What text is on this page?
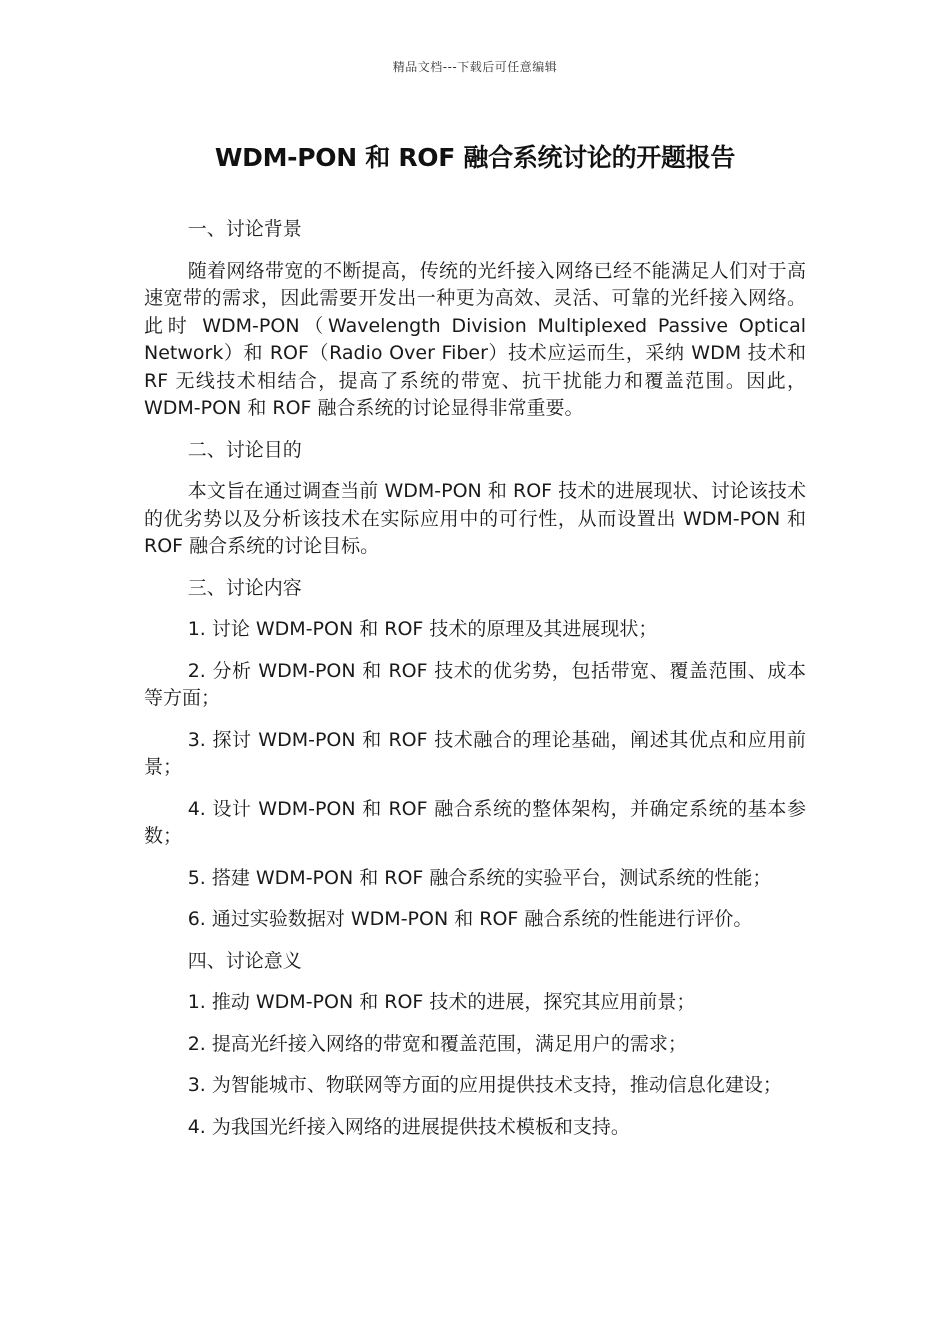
精品文档---下载后可任意编辑
WDM-PON 和 ROF 融合系统讨论的开题报告

一、讨论背景

随着网络带宽的不断提高，传统的光纤接入网络已经不能满足人们对于高速宽带的需求，因此需要开发出一种更为高效、灵活、可靠的光纤接入网络。此时 WDM-PON（Wavelength Division Multiplexed Passive Optical Network）和 ROF（Radio Over Fiber）技术应运而生，采纳 WDM 技术和 RF 无线技术相结合，提高了系统的带宽、抗干扰能力和覆盖范围。因此，WDM-PON 和 ROF 融合系统的讨论显得非常重要。

二、讨论目的

本文旨在通过调查当前 WDM-PON 和 ROF 技术的进展现状、讨论该技术的优劣势以及分析该技术在实际应用中的可行性，从而设置出 WDM-PON 和 ROF 融合系统的讨论目标。

三、讨论内容

1. 讨论 WDM-PON 和 ROF 技术的原理及其进展现状；

2. 分析 WDM-PON 和 ROF 技术的优劣势，包括带宽、覆盖范围、成本等方面；

3. 探讨 WDM-PON 和 ROF 技术融合的理论基础，阐述其优点和应用前景；

4. 设计 WDM-PON 和 ROF 融合系统的整体架构，并确定系统的基本参数；

5. 搭建 WDM-PON 和 ROF 融合系统的实验平台，测试系统的性能；

6. 通过实验数据对 WDM-PON 和 ROF 融合系统的性能进行评价。

四、讨论意义

1. 推动 WDM-PON 和 ROF 技术的进展，探究其应用前景；

2. 提高光纤接入网络的带宽和覆盖范围，满足用户的需求；

3. 为智能城市、物联网等方面的应用提供技术支持，推动信息化建设；

4. 为我国光纤接入网络的进展提供技术模板和支持。
